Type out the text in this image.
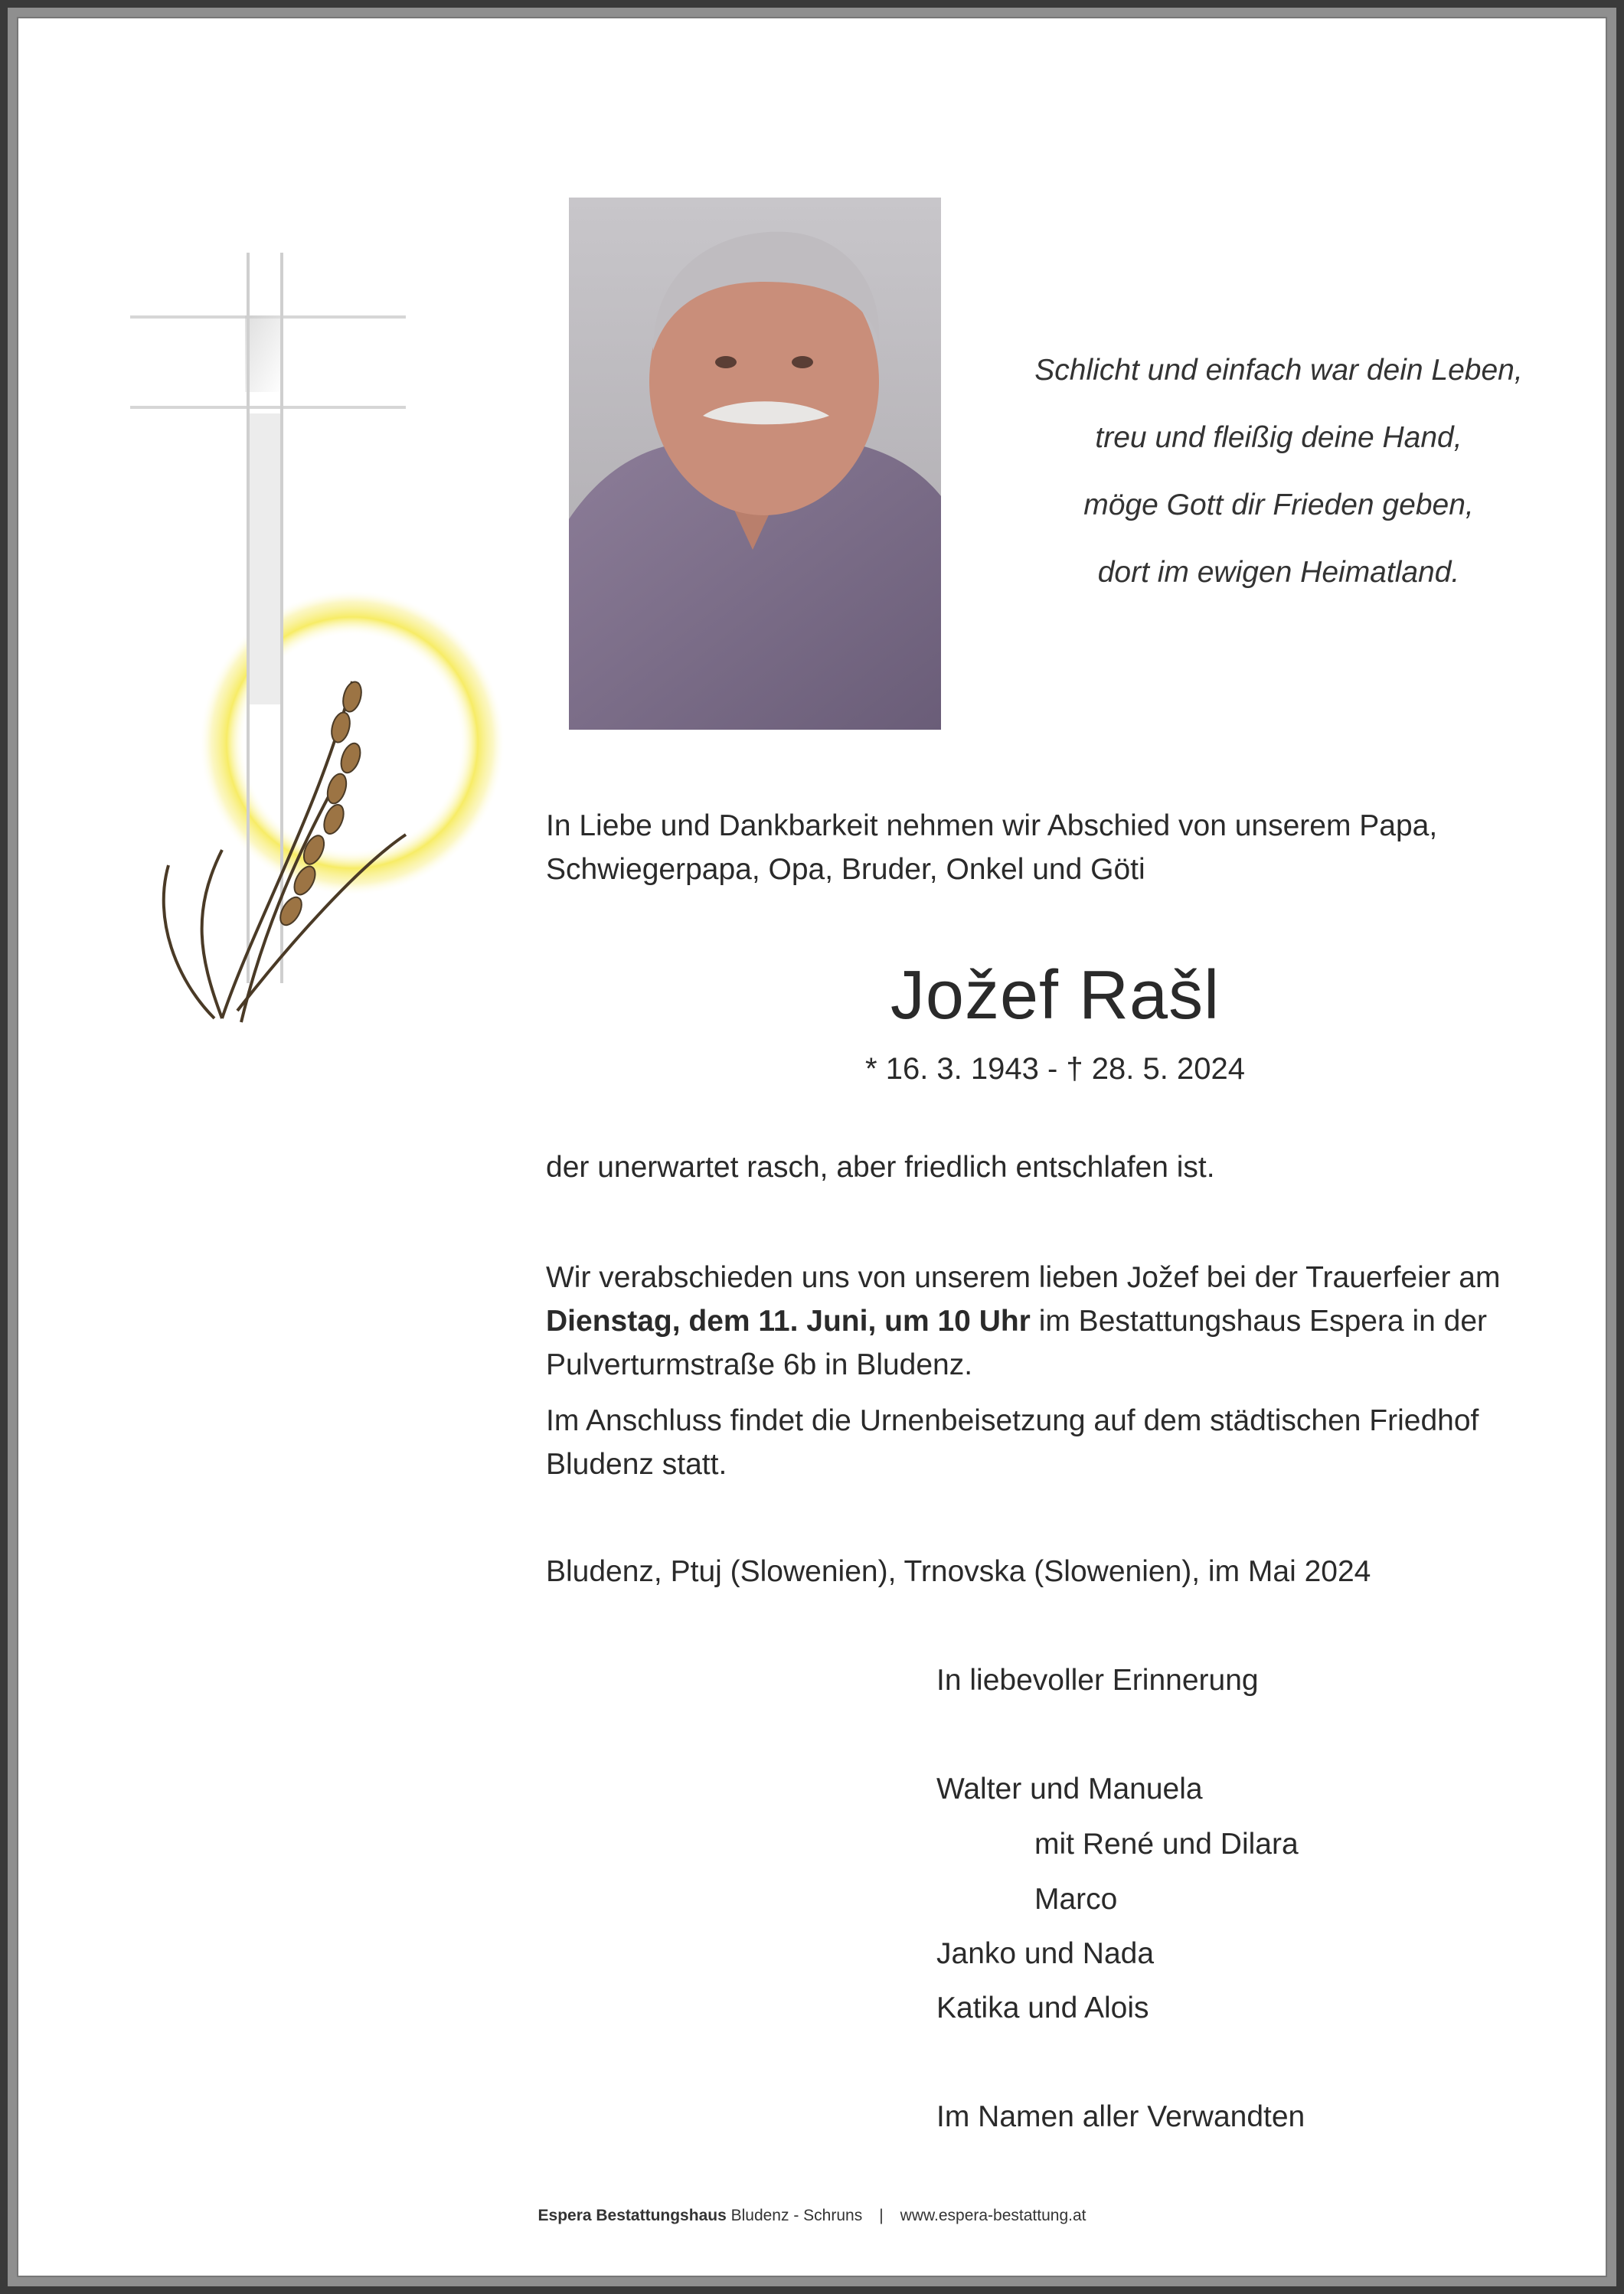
Schlicht und einfach war dein Leben,
treu und fleißig deine Hand,
möge Gott dir Frieden geben,
dort im ewigen Heimatland.
In Liebe und Dankbarkeit nehmen wir Abschied von unserem Papa,
Schwiegerpapa, Opa, Bruder, Onkel und Göti
Jožef Rašl
* 16. 3. 1943 - † 28. 5. 2024
der unerwartet rasch, aber friedlich entschlafen ist.
Wir verabschieden uns von unserem lieben Jožef bei der Trauerfeier am
Dienstag, dem 11. Juni, um 10 Uhr im Bestattungshaus Espera in der
Pulverturmstraße 6b in Bludenz.
Im Anschluss findet die Urnenbeisetzung auf dem städtischen Friedhof
Bludenz statt.
Bludenz, Ptuj (Slowenien), Trnovska (Slowenien), im Mai 2024
In liebevoller Erinnerung
Walter und Manuela
mit René und Dilara
Marco
Janko und Nada
Katika und Alois
Im Namen aller Verwandten
Espera Bestattungshaus Bludenz - Schruns | www.espera-bestattung.at
